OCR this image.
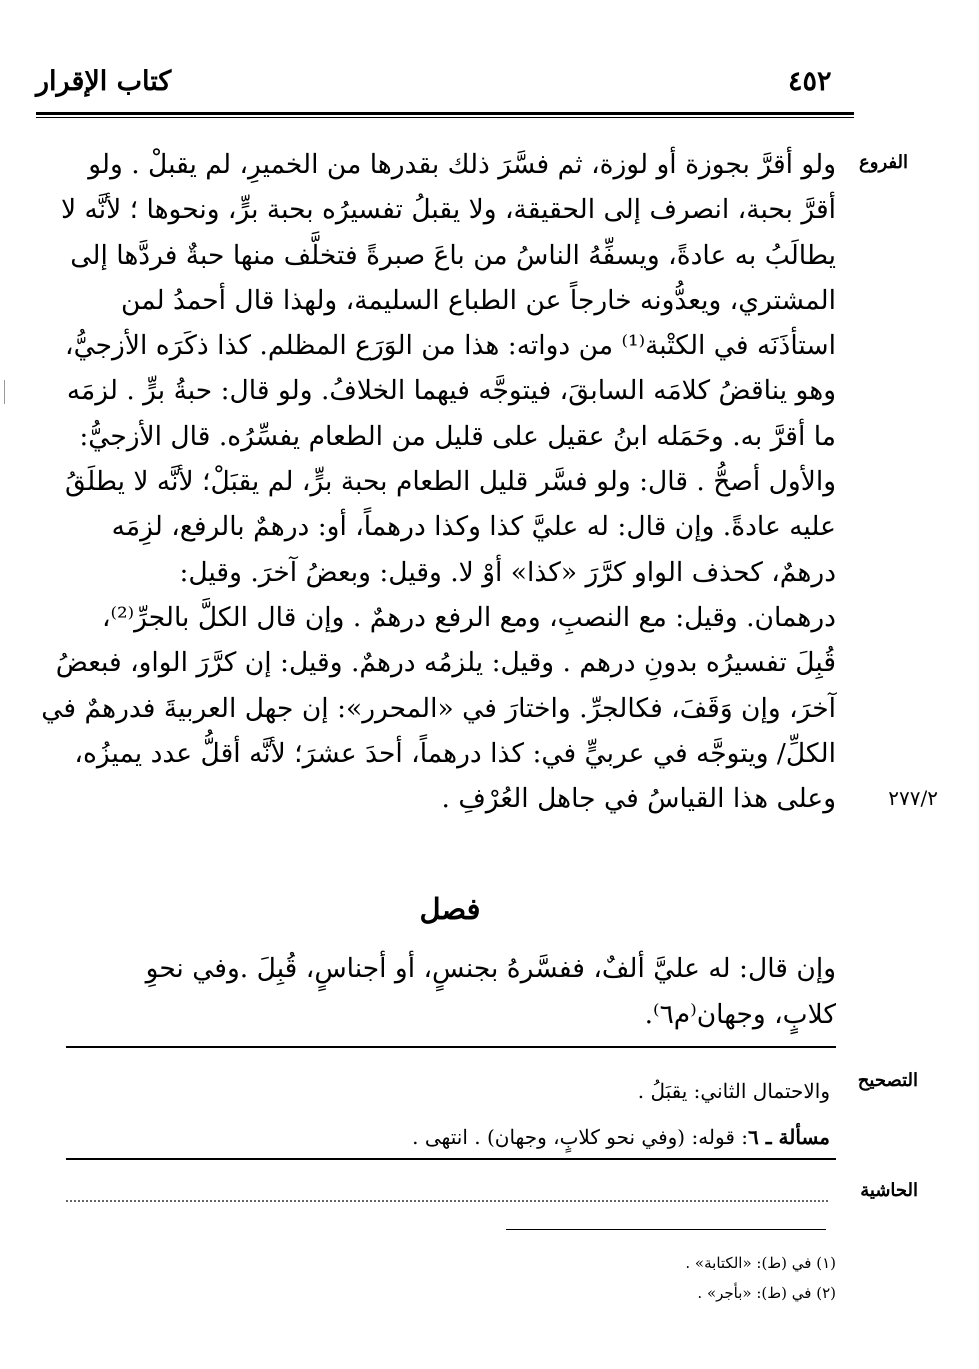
٤٥٢
كتاب الإقرار
الفروع
٢٧٧/٢
ولو أقرَّ بجوزة أو لوزة، ثم فسَّرَ ذلك بقدرها من الخميرِ، لم يقبلْ . ولو
أقرَّ بحبة، انصرف إلى الحقيقة، ولا يقبلُ تفسيرُه بحبة برٍّ، ونحوها ؛ لأنَّه لا
يطالَبُ به عادةً، ويسفِّهُ الناسُ من باعَ صبرةً فتخلَّف منها حبةٌ فردَّها إلى
المشتري، ويعدُّونه خارجاً عن الطباع السليمة، ولهذا قال أحمدُ لمن
استأذَنَه في الكتْبة⁽¹⁾ من دواته: هذا من الوَرَع المظلم. كذا ذكَرَه الأزجيُّ،
وهو يناقضُ كلامَه السابقَ، فيتوجَّه فيهما الخلافُ. ولو قال: حبةُ برٍّ . لزمَه
ما أقرَّ به. وحَمَله ابنُ عقيل على قليل من الطعام يفسِّرُه. قال الأزجيُّ:
والأول أصحُّ . قال: ولو فسَّر قليل الطعام بحبة برٍّ، لم يقبَلْ؛ لأنَّه لا يطلَقُ
عليه عادةً. وإن قال: له عليَّ كذا وكذا درهماً، أو: درهمٌ بالرفع، لزِمَه
درهمٌ، كحذف الواو كرَّرَ «كذا» أوْ لا. وقيل: وبعضُ آخرَ. وقيل:
درهمان. وقيل: مع النصبِ، ومع الرفع درهمٌ . وإن قال الكلَّ بالجرِّ⁽²⁾،
قُبِلَ تفسيرُه بدونِ درهم . وقيل: يلزمُه درهمٌ. وقيل: إن كرَّرَ الواو، فبعضُ
آخرَ، وإن وَقَفَ، فكالجرِّ. واختارَ في «المحرر»: إن جهل العربيةَ فدرهمٌ في
الكلِّ/ ويتوجَّه في عربيٍّ في: كذا درهماً، أحدَ عشرَ؛ لأنَّه أقلُّ عدد يميزُه،
وعلى هذا القياسُ في جاهل العُرْفِ .
فصل
وإن قال: له عليَّ ألفٌ، ففسَّرهُ بجنسٍ، أو أجناسٍ، قُبِلَ .وفي نحوِ
كلابٍ، وجهان⁽م٦⁾.
التصحيح
والاحتمال الثاني: يقبَلُ .
مسألة ـ ٦: قوله: (وفي نحو كلابٍ، وجهان) . انتهى .
الحاشية
(١) في (ط): «الكتابة» .
(٢) في (ط): «بأجر» .
